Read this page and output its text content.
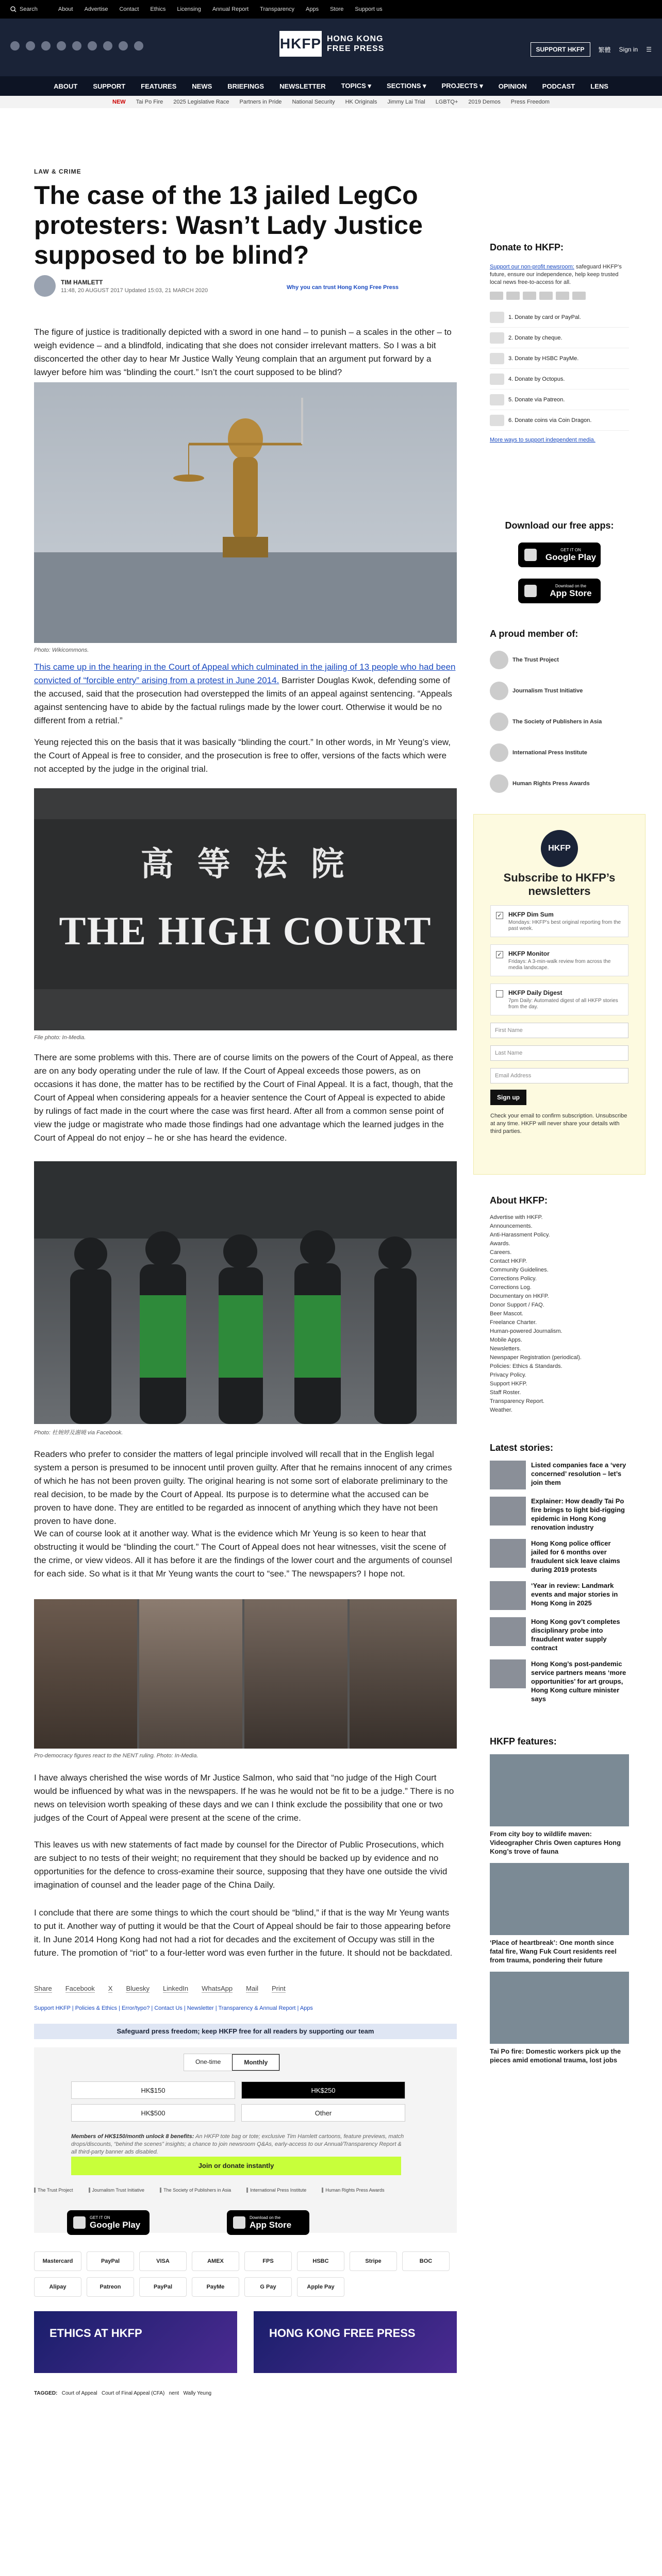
Search	About Advertise Contact Ethics Licensing Annual Report Transparency Apps Store Support us
HKFP HONG KONG
FREE PRESS	SUPPORT HKFP	繁體 Sign in ☰
ABOUT SUPPORT FEATURES NEWS BRIEFINGS NEWSLETTER TOPICS ▾ SECTIONS ▾ PROJECTS ▾ OPINION PODCAST LENS
NEW Tai Po Fire 2025 Legislative Race Partners in Pride National Security HK Originals Jimmy Lai Trial LGBTQ+ 2019 Demos Press Freedom
LAW & CRIME
The case of the 13 jailed LegCo protesters: Wasn’t Lady Justice supposed to be blind?
TIM HAMLETT
11:48, 20 AUGUST 2017 Updated 15:03, 21 MARCH 2020	Why you can trust Hong Kong Free Press

The figure of justice is traditionally depicted with a sword in one hand – to punish – a scales in the other – to weigh evidence – and a blindfold, indicating that she does not consider irrelevant matters. So I was a bit disconcerted the other day to hear Mr Justice Wally Yeung complain that an argument put forward by a lawyer before him was “blinding the court.” Isn’t the court supposed to be blind?

Photo: Wikicommons.

This came up in the hearing in the Court of Appeal which culminated in the jailing of 13 people who had been convicted of “forcible entry” arising from a protest in June 2014. Barrister Douglas Kwok, defending some of the accused, said that the prosecution had overstepped the limits of an appeal against sentencing. “Appeals against sentencing have to abide by the factual rulings made by the lower court. Otherwise it would be no different from a retrial.”

Yeung rejected this on the basis that it was basically “blinding the court.” In other words, in Mr Yeung’s view, the Court of Appeal is free to consider, and the prosecution is free to offer, versions of the facts which were not accepted by the judge in the original trial.

高 等 法 院
THE HIGH COURT
File photo: In-Media.

There are some problems with this. There are of course limits on the powers of the Court of Appeal, as there are on any body operating under the rule of law. If the Court of Appeal exceeds those powers, as on occasions it has done, the matter has to be rectified by the Court of Final Appeal. It is a fact, though, that the Court of Appeal when considering appeals for a heavier sentence the Court of Appeal is expected to abide by rulings of fact made in the court where the case was first heard. After all from a common sense point of view the judge or magistrate who made those findings had one advantage which the learned judges in the Court of Appeal do not enjoy – he or she has heard the evidence.

Photo: 杜婉婷及謝曉 via Facebook.

Readers who prefer to consider the matters of legal principle involved will recall that in the English legal system a person is presumed to be innocent until proven guilty. After that he remains innocent of any crimes of which he has not been proven guilty. The original hearing is not some sort of elaborate preliminary to the real decision, to be made by the Court of Appeal. Its purpose is to determine what the accused can be proven to have done. They are entitled to be regarded as innocent of anything which they have not been proven to have done.

We can of course look at it another way. What is the evidence which Mr Yeung is so keen to hear that obstructing it would be “blinding the court.” The Court of Appeal does not hear witnesses, visit the scene of the crime, or view videos. All it has before it are the findings of the lower court and the arguments of counsel for each side. So what is it that Mr Yeung wants the court to “see.” The newspapers? I hope not.

Pro-democracy figures react to the NENT ruling. Photo: In-Media.

I have always cherished the wise words of Mr Justice Salmon, who said that “no judge of the High Court would be influenced by what was in the newspapers. If he was he would not be fit to be a judge.” There is no news on television worth speaking of these days and we can I think exclude the possibility that one or two judges of the Court of Appeal were present at the scene of the crime.

This leaves us with new statements of fact made by counsel for the Director of Public Prosecutions, which are subject to no tests of their weight; no requirement that they should be backed up by evidence and no opportunities for the defence to cross-examine their source, supposing that they have one outside the vivid imagination of counsel and the leader page of the China Daily.

I conclude that there are some things to which the court should be “blind,” if that is the way Mr Yeung wants to put it. Another way of putting it would be that the Court of Appeal should be fair to those appearing before it. In June 2014 Hong Kong had not had a riot for decades and the excitement of Occupy was still in the future. The promotion of “riot” to a four-letter word was even further in the future. It should not be backdated.

Share Facebook X Bluesky LinkedIn WhatsApp Mail Print
Support HKFP | Policies & Ethics | Error/typo? | Contact Us | Newsletter | Transparency & Annual Report | Apps
Safeguard press freedom; keep HKFP free for all readers by supporting our team
One-time	Monthly
HK$150	HK$250
HK$500	Other
Members of HK$150/month unlock 8 benefits: An HKFP tote bag or tote; exclusive Tim Hamlett cartoons, feature previews, match drops/discounts, “behind the scenes” insights; a chance to join newsroom Q&As, early-access to our Annual/Transparency Report & all third-party banner ads disabled.
Join or donate instantly
The Trust Project	Journalism Trust Initiative	The Society of Publishers in Asia	International Press Institute	Human Rights Press Awards
GET IT ON
Google Play
Download on the
App Store
Mastercard	PayPal	VISA	AMEX	FPS	HSBC	Stripe	BOC
Alipay	Patreon	PayPal	PayMe	G Pay	Apple Pay
ETHICS AT HKFP	HONG KONG FREE PRESS
TAGGED: Court of Appeal Court of Final Appeal (CFA) nent Wally Yeung
Donate to HKFP:
Support our non-profit newsroom: safeguard HKFP's future, ensure our independence, help keep trusted local news free-to-access for all.
1. Donate by card or PayPal.
2. Donate by cheque.
3. Donate by HSBC PayMe.
4. Donate by Octopus.
5. Donate via Patreon.
6. Donate coins via Coin Dragon.
More ways to support independent media.
Download our free apps:
GET IT ON
Google Play
Download on the
App Store
A proud member of:
The Trust Project
Journalism Trust Initiative
The Society of Publishers in Asia
International Press Institute
Human Rights Press Awards
HKFP
Subscribe to HKFP’s newsletters
✓ HKFP Dim Sum
Mondays: HKFP's best original reporting from the past week.
✓ HKFP Monitor
Fridays: A 3-min-walk review from across the media landscape.
HKFP Daily Digest
7pm Daily: Automated digest of all HKFP stories from the day.
First Name
Last Name
Email Address
Sign up
Check your email to confirm subscription. Unsubscribe at any time. HKFP will never share your details with third parties.
About HKFP:
Advertise with HKFP.
Announcements.
Anti-Harassment Policy.
Awards.
Careers.
Contact HKFP.
Community Guidelines.
Corrections Policy.
Corrections Log.
Documentary on HKFP.
Donor Support / FAQ.
Beer Mascot.
Freelance Charter.
Human-powered Journalism.
Mobile Apps.
Newsletters.
Newspaper Registration (periodical).
Policies: Ethics & Standards.
Privacy Policy.
Support HKFP.
Staff Roster.
Transparency Report.
Weather.
Latest stories:
Listed companies face a ‘very concerned’ resolution – let’s join them
Explainer: How deadly Tai Po fire brings to light bid-rigging epidemic in Hong Kong renovation industry
Hong Kong police officer jailed for 6 months over fraudulent sick leave claims during 2019 protests
‘Year in review: Landmark events and major stories in Hong Kong in 2025
Hong Kong gov’t completes disciplinary probe into fraudulent water supply contract
Hong Kong’s post-pandemic service partners means ‘more opportunities’ for art groups, Hong Kong culture minister says
HKFP features:
From city boy to wildlife maven: Videographer Chris Owen captures Hong Kong’s trove of fauna
‘Place of heartbreak’: One month since fatal fire, Wang Fuk Court residents reel from trauma, pondering their future
Tai Po fire: Domestic workers pick up the pieces amid emotional trauma, lost jobs
